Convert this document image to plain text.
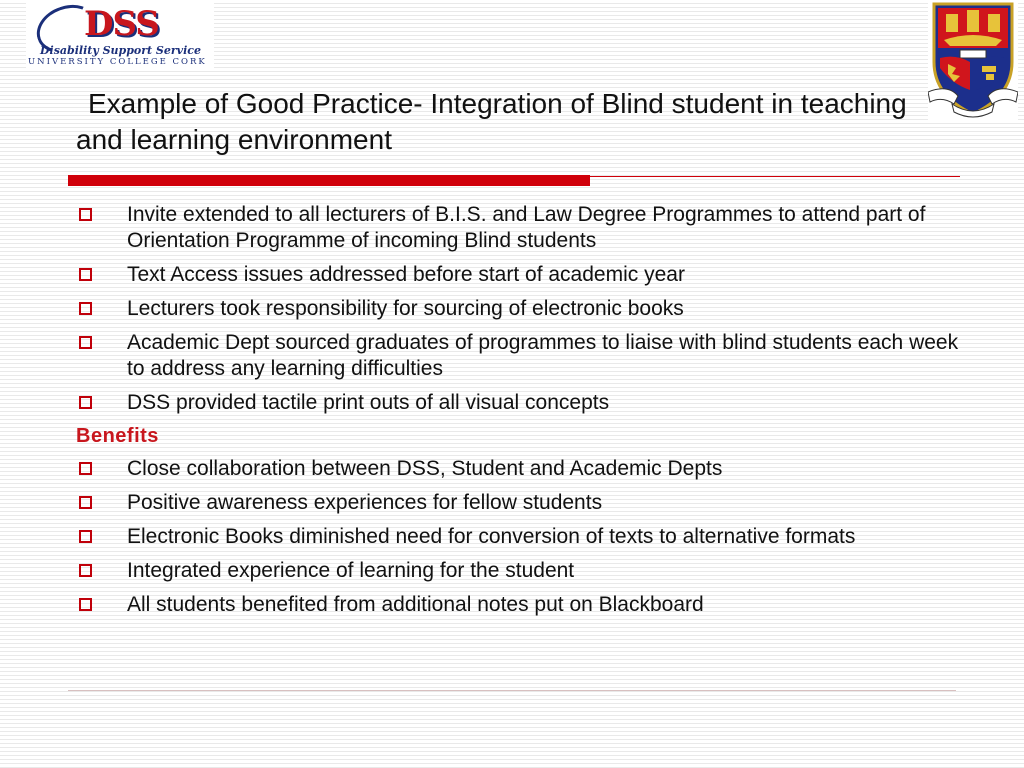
DSS
Disability Support Service
UNIVERSITY COLLEGE CORK
Example of Good Practice- Integration of Blind student in teaching and learning environment
Invite extended to all lecturers of B.I.S. and Law Degree Programmes to attend part of Orientation Programme of incoming Blind students
Text Access issues addressed before start of academic year
Lecturers took responsibility for sourcing of electronic books
Academic Dept sourced graduates of programmes to liaise with blind students each week to address any learning difficulties
DSS provided tactile print outs of all visual concepts
Benefits
Close collaboration between DSS, Student and Academic Depts
Positive awareness experiences for fellow students
Electronic Books diminished need for conversion of texts to alternative formats
Integrated experience of learning for the student
All students benefited from additional notes put on Blackboard
